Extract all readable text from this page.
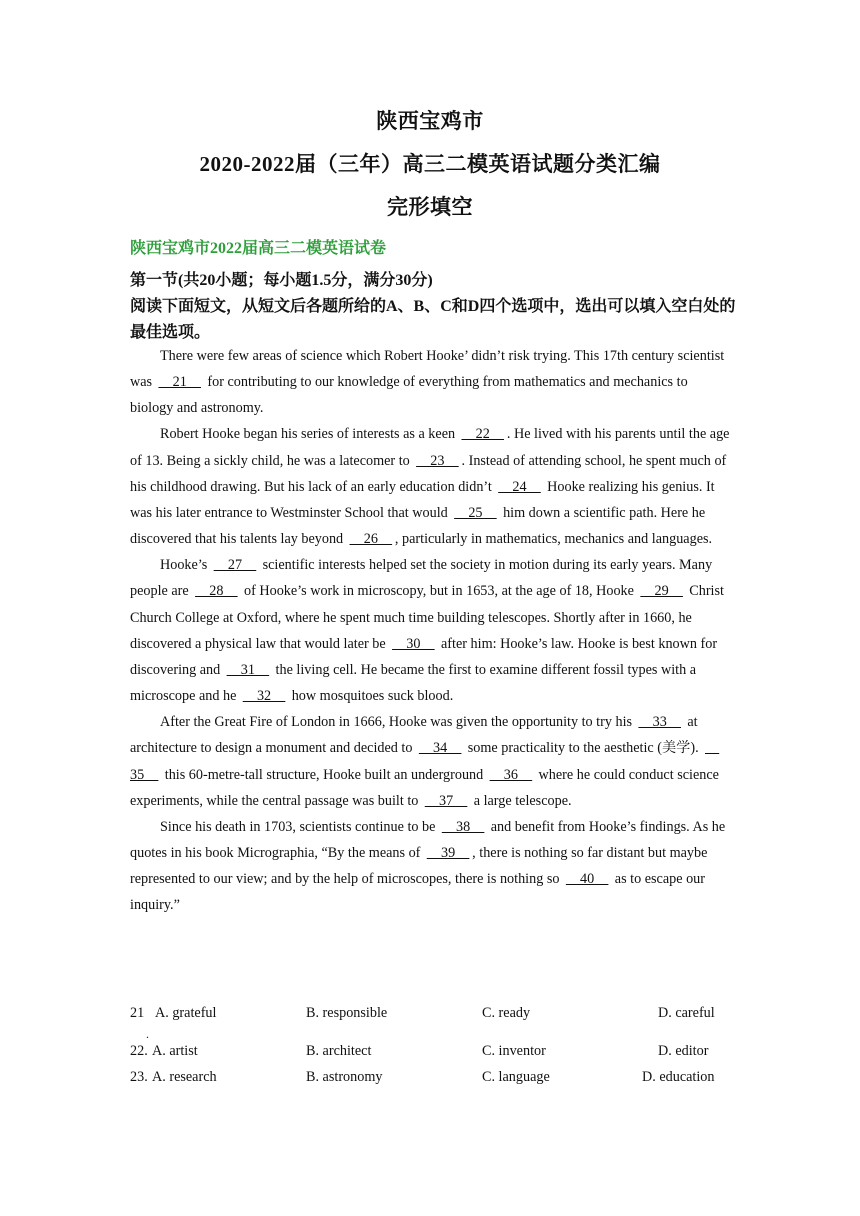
陕西宝鸡市
2020-2022届（三年）高三二模英语试题分类汇编
完形填空
陕西宝鸡市2022届高三二模英语试卷
第一节(共20小题；每小题1.5分，满分30分)
阅读下面短文，从短文后各题所给的A、B、C和D四个选项中，选出可以填入空白处的最佳选项。

There were few areas of science which Robert Hooke’ didn’t risk trying. This 17th century scientist was   21   for contributing to our knowledge of everything from mathematics and mechanics to biology and astronomy.

Robert Hooke began his series of interests as a keen   22  . He lived with his parents until the age of 13. Being a sickly child, he was a latecomer to   23  . Instead of attending school, he spent much of his childhood drawing. But his lack of an early education didn’t   24   Hooke realizing his genius. It was his later entrance to Westminster School that would   25   him down a scientific path. Here he discovered that his talents lay beyond   26  , particularly in mathematics, mechanics and languages.

Hooke’s   27   scientific interests helped set the society in motion during its early years. Many people are   28   of Hooke’s work in microscopy, but in 1653, at the age of 18, Hooke   29   Christ Church College at Oxford, where he spent much time building telescopes. Shortly after in 1660, he discovered a physical law that would later be   30   after him: Hooke’s law. Hooke is best known for discovering and   31   the living cell. He became the first to examine different fossil types with a microscope and he   32   how mosquitoes suck blood.

After the Great Fire of London in 1666, Hooke was given the opportunity to try his   33   at architecture to design a monument and decided to   34   some practicality to the aesthetic (美学).   35   this 60-metre-tall structure, Hooke built an underground   36   where he could conduct science experiments, while the central passage was built to   37   a large telescope.

Since his death in 1703, scientists continue to be   38   and benefit from Hooke’s findings. As he quotes in his book Micrographia, “By the means of   39  , there is nothing so far distant but maybe represented to our view; and by the help of microscopes, there is nothing so   40   as to escape our inquiry.”

21
.
A. grateful	B. responsible	C. ready	D. careful
22. A. artist	B. architect	C. inventor	D. editor
23. A. research	B. astronomy	C. language	D. education
